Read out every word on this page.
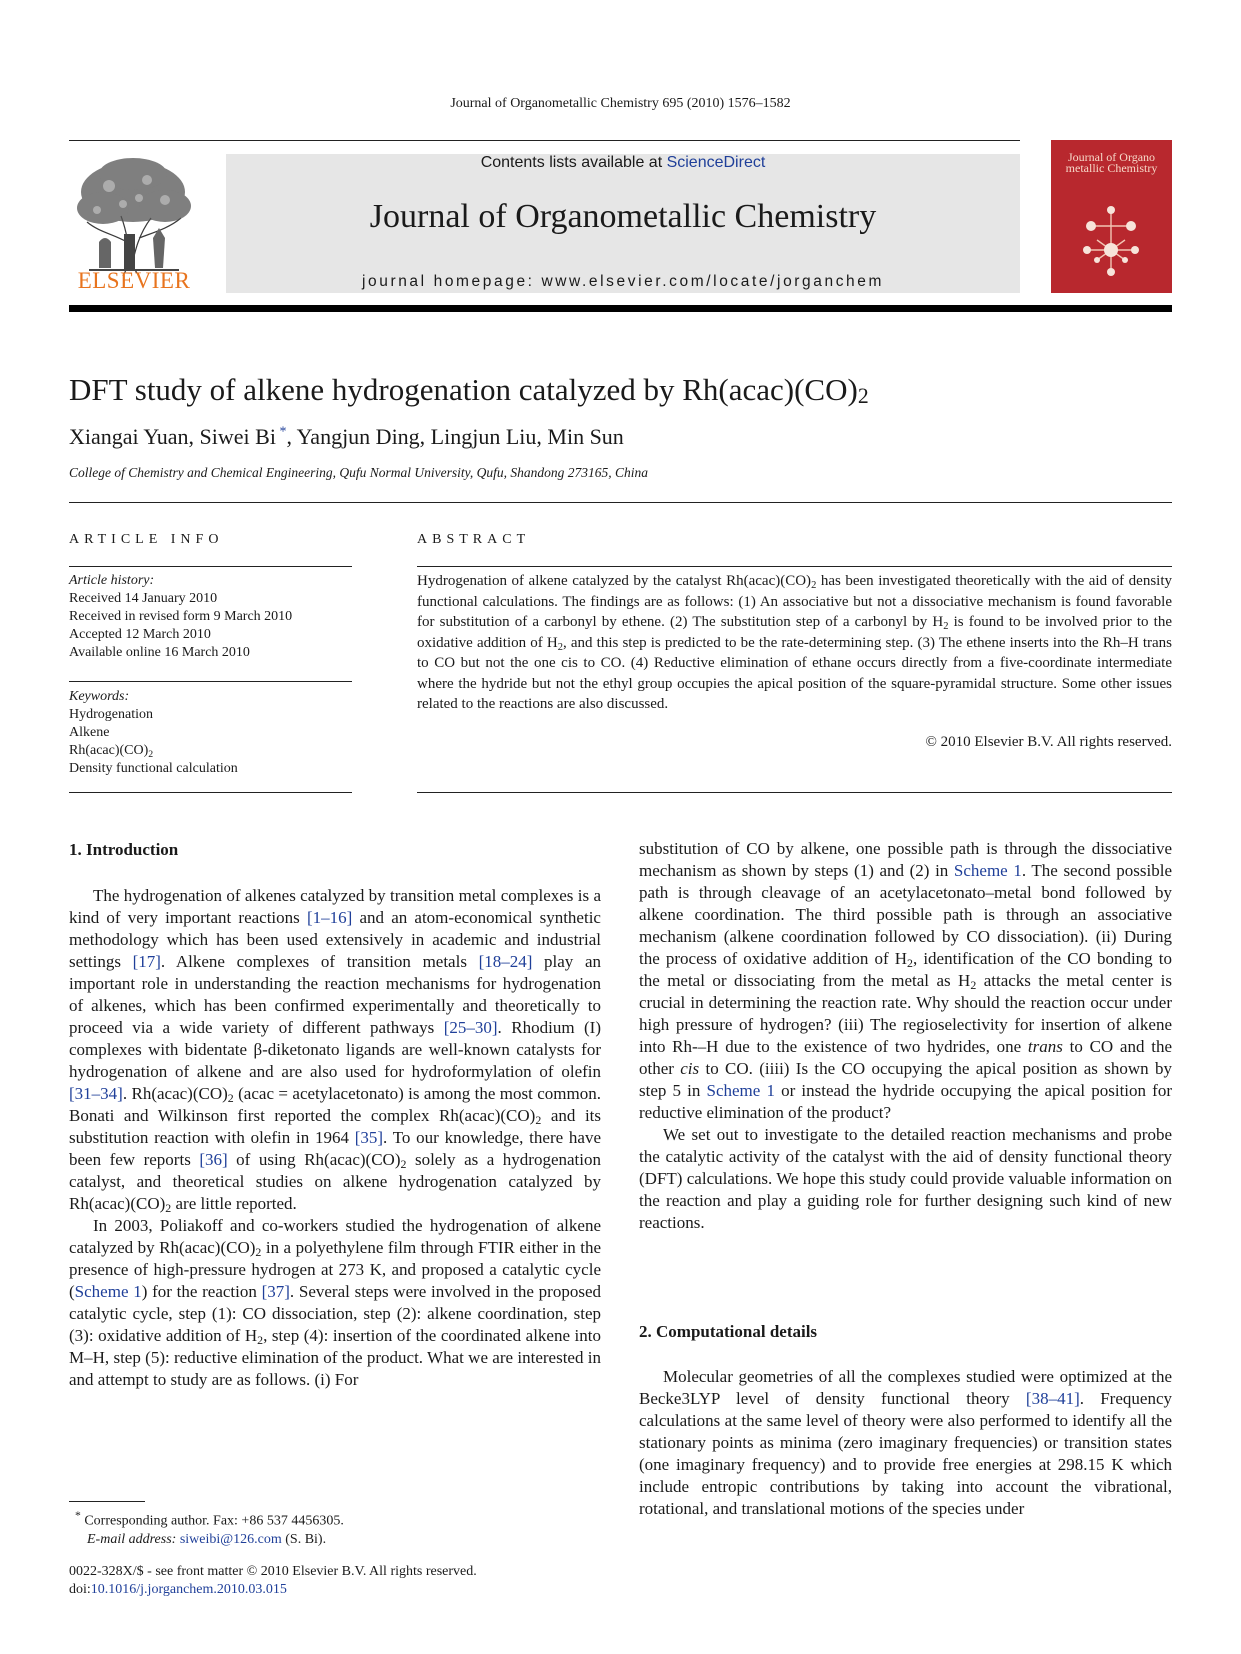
Journal of Organometallic Chemistry 695 (2010) 1576–1582
ELSEVIER
Contents lists available at ScienceDirect
Journal of Organometallic Chemistry
journal homepage: www.elsevier.com/locate/jorganchem
Journal of Organo metallic Chemistry
DFT study of alkene hydrogenation catalyzed by $Rh(acac)(CO)_2$
Xiangai Yuan, Siwei Bi *, Yangjun Ding, Lingjun Liu, Min Sun
College of Chemistry and Chemical Engineering, Qufu Normal University, Qufu, Shandong 273165, China
ARTICLE INFO	ABSTRACT
Article history:
Received 14 January 2010
Received in revised form 9 March 2010
Accepted 12 March 2010
Available online 16 March 2010
Keywords:
Hydrogenation
Alkene
$Rh(acac)(CO)_2$
Density functional calculation
Hydrogenation of alkene catalyzed by the catalyst $Rh(acac)(CO)_2$ has been investigated theoretically with the aid of density functional calculations. The findings are as follows: (1) An associative but not a dissociative mechanism is found favorable for substitution of a carbonyl by ethene. (2) The substitution step of a carbonyl by $H_2$ is found to be involved prior to the oxidative addition of $H_2$, and this step is predicted to be the rate-determining step. (3) The ethene inserts into the Rh–H trans to CO but not the one cis to CO. (4) Reductive elimination of ethane occurs directly from a five-coordinate intermediate where the hydride but not the ethyl group occupies the apical position of the square-pyramidal structure. Some other issues related to the reactions are also discussed.
© 2010 Elsevier B.V. All rights reserved.
1. Introduction

The hydrogenation of alkenes catalyzed by transition metal complexes is a kind of very important reactions [1–16] and an atom-economical synthetic methodology which has been used extensively in academic and industrial settings [17]. Alkene complexes of transition metals [18–24] play an important role in understanding the reaction mechanisms for hydrogenation of alkenes, which has been confirmed experimentally and theoretically to proceed via a wide variety of different pathways [25–30]. Rhodium (I) complexes with bidentate β-diketonato ligands are well-known catalysts for hydrogenation of alkene and are also used for hydroformylation of olefin [31–34]. $Rh(acac)(CO)_2$ (acac = acetylacetonato) is among the most common. Bonati and Wilkinson first reported the complex $Rh(acac)(CO)_2$ and its substitution reaction with olefin in 1964 [35]. To our knowledge, there have been few reports [36] of using $Rh(acac)(CO)_2$ solely as a hydrogenation catalyst, and theoretical studies on alkene hydrogenation catalyzed by $Rh(acac)(CO)_2$ are little reported.

In 2003, Poliakoff and co-workers studied the hydrogenation of alkene catalyzed by $Rh(acac)(CO)_2$ in a polyethylene film through FTIR either in the presence of high-pressure hydrogen at 273 K, and proposed a catalytic cycle (Scheme 1) for the reaction [37]. Several steps were involved in the proposed catalytic cycle, step (1): CO dissociation, step (2): alkene coordination, step (3): oxidative addition of $H_2$, step (4): insertion of the coordinated alkene into M–H, step (5): reductive elimination of the product. What we are interested in and attempt to study are as follows. (i) For

substitution of CO by alkene, one possible path is through the dissociative mechanism as shown by steps (1) and (2) in Scheme 1. The second possible path is through cleavage of an acetylacetonato–metal bond followed by alkene coordination. The third possible path is through an associative mechanism (alkene coordination followed by CO dissociation). (ii) During the process of oxidative addition of $H_2$, identification of the CO bonding to the metal or dissociating from the metal as $H_2$ attacks the metal center is crucial in determining the reaction rate. Why should the reaction occur under high pressure of hydrogen? (iii) The regioselectivity for insertion of alkene into Rh-–H due to the existence of two hydrides, one trans to CO and the other cis to CO. (iiii) Is the CO occupying the apical position as shown by step 5 in Scheme 1 or instead the hydride occupying the apical position for reductive elimination of the product?

We set out to investigate to the detailed reaction mechanisms and probe the catalytic activity of the catalyst with the aid of density functional theory (DFT) calculations. We hope this study could provide valuable information on the reaction and play a guiding role for further designing such kind of new reactions.

2. Computational details

Molecular geometries of all the complexes studied were optimized at the Becke3LYP level of density functional theory [38–41]. Frequency calculations at the same level of theory were also performed to identify all the stationary points as minima (zero imaginary frequencies) or transition states (one imaginary frequency) and to provide free energies at 298.15 K which include entropic contributions by taking into account the vibrational, rotational, and translational motions of the species under

* Corresponding author. Fax: +86 537 4456305.
E-mail address: siweibi@126.com (S. Bi).
0022-328X/$ - see front matter © 2010 Elsevier B.V. All rights reserved.
doi:10.1016/j.jorganchem.2010.03.015
